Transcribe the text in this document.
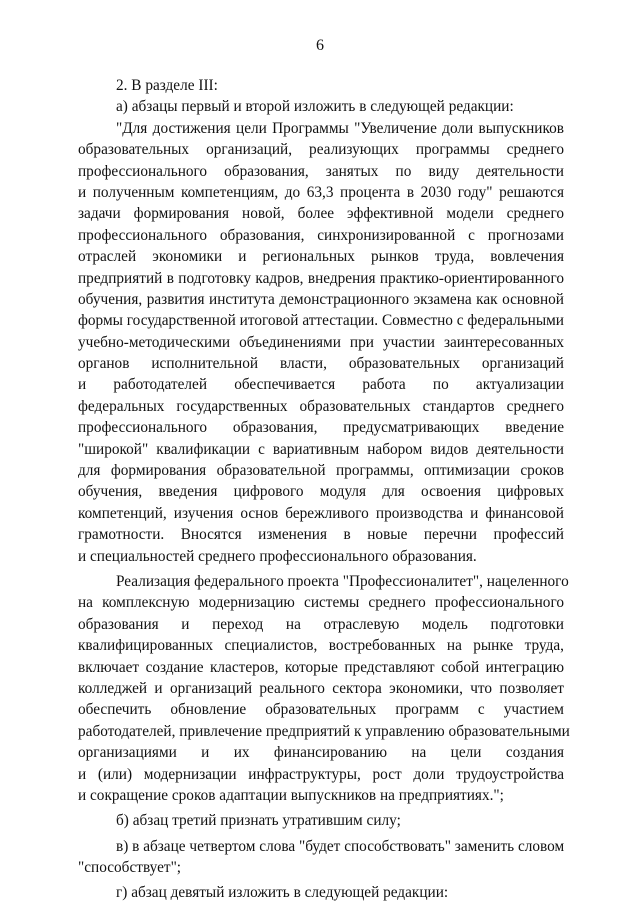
6
2. В разделе III:
а) абзацы первый и второй изложить в следующей редакции:
"Для достижения цели Программы "Увеличение доли выпускников
образовательных организаций, реализующих программы среднего
профессионального образования, занятых по виду деятельности
и полученным компетенциям, до 63,3 процента в 2030 году" решаются
задачи формирования новой, более эффективной модели среднего
профессионального образования, синхронизированной с прогнозами
отраслей экономики и региональных рынков труда, вовлечения
предприятий в подготовку кадров, внедрения практико-ориентированного
обучения, развития института демонстрационного экзамена как основной
формы государственной итоговой аттестации. Совместно с федеральными
учебно-методическими объединениями при участии заинтересованных
органов исполнительной власти, образовательных организаций
и работодателей обеспечивается работа по актуализации
федеральных государственных образовательных стандартов среднего
профессионального образования, предусматривающих введение
"широкой" квалификации с вариативным набором видов деятельности
для формирования образовательной программы, оптимизации сроков
обучения, введения цифрового модуля для освоения цифровых
компетенций, изучения основ бережливого производства и финансовой
грамотности. Вносятся изменения в новые перечни профессий
и специальностей среднего профессионального образования.
Реализация федерального проекта "Профессионалитет", нацеленного
на комплексную модернизацию системы среднего профессионального
образования и переход на отраслевую модель подготовки
квалифицированных специалистов, востребованных на рынке труда,
включает создание кластеров, которые представляют собой интеграцию
колледжей и организаций реального сектора экономики, что позволяет
обеспечить обновление образовательных программ с участием
работодателей, привлечение предприятий к управлению образовательными
организациями и их финансированию на цели создания
и (или) модернизации инфраструктуры, рост доли трудоустройства
и сокращение сроков адаптации выпускников на предприятиях.";
б) абзац третий признать утратившим силу;
в) в абзаце четвертом слова "будет способствовать" заменить словом
"способствует";
г) абзац девятый изложить в следующей редакции:
